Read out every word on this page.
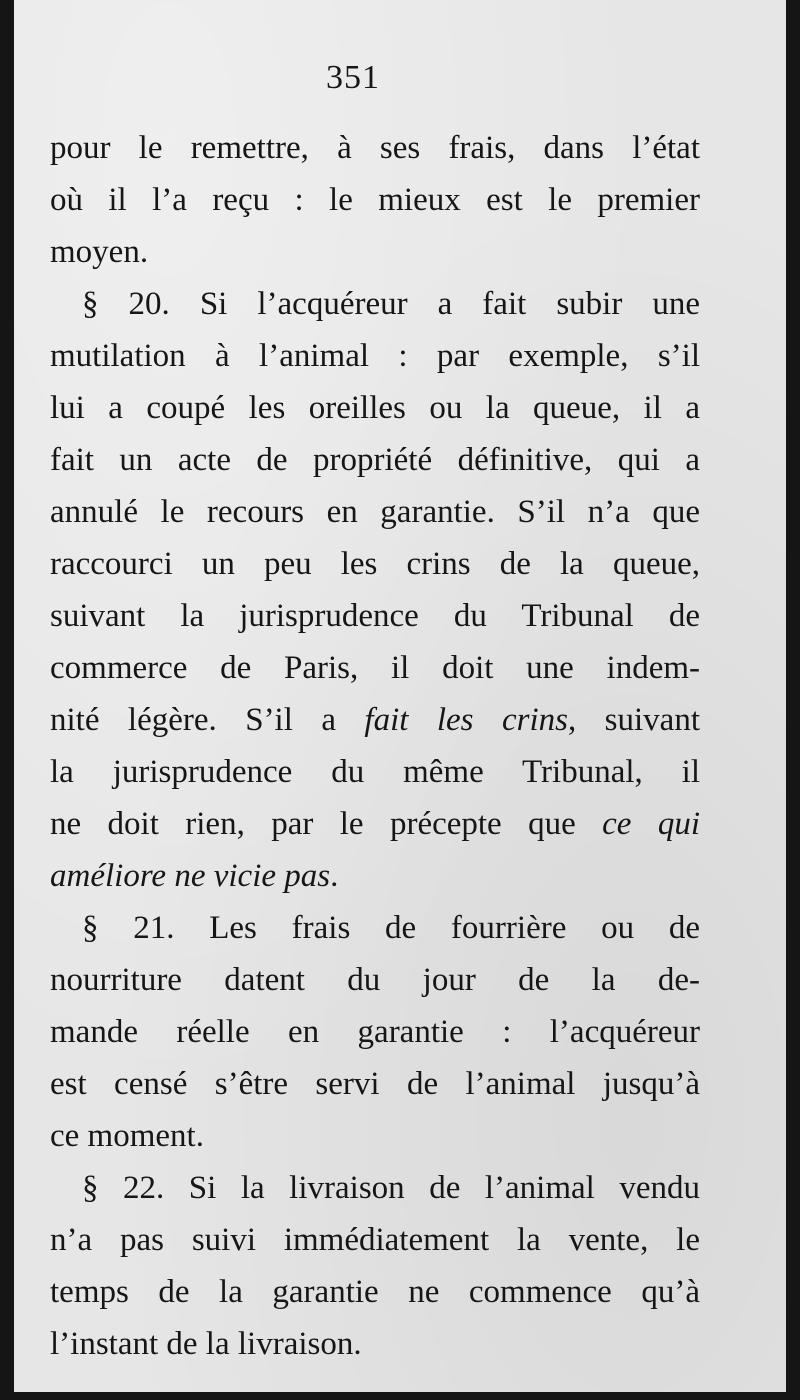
351
pour le remettre, à ses frais, dans l’état
où il l’a reçu : le mieux est le premier
moyen.
§ 20. Si l’acquéreur a fait subir une
mutilation à l’animal : par exemple, s’il
lui a coupé les oreilles ou la queue, il a
fait un acte de propriété définitive, qui a
annulé le recours en garantie. S’il n’a que
raccourci un peu les crins de la queue,
suivant la jurisprudence du Tribunal de
commerce de Paris, il doit une indem-
nité légère. S’il a fait les crins, suivant
la jurisprudence du même Tribunal, il
ne doit rien, par le précepte que ce qui
améliore ne vicie pas.
§ 21. Les frais de fourrière ou de
nourriture datent du jour de la de-
mande réelle en garantie : l’acquéreur
est censé s’être servi de l’animal jusqu’à
ce moment.
§ 22. Si la livraison de l’animal vendu
n’a pas suivi immédiatement la vente, le
temps de la garantie ne commence qu’à
l’instant de la livraison.
